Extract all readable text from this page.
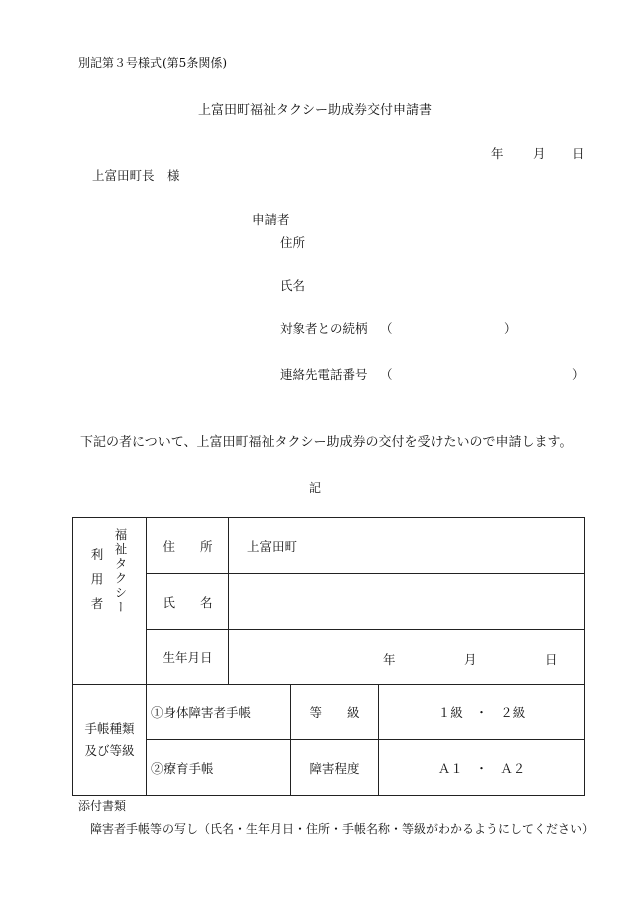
別記第３号様式(第5条関係)
上富田町福祉タクシー助成券交付申請書
年 月 日
上富田町長　様
申請者
住所
氏名
対象者との続柄 （	）
連絡先電話番号 （	）
下記の者について、上富田町福祉タクシー助成券の交付を受けたいので申請します。
記
利用者 福祉タクシー	住　　所	上富田町		
	氏　　名			
	生年月日	年 月 日		

手帳種類
及び等級	①身体障害者手帳		等　　級	１級　・　２級
	②療育手帳		障害程度	Ａ１　・　Ａ２
添付書類
障害者手帳等の写し（氏名・生年月日・住所・手帳名称・等級がわかるようにしてください）
